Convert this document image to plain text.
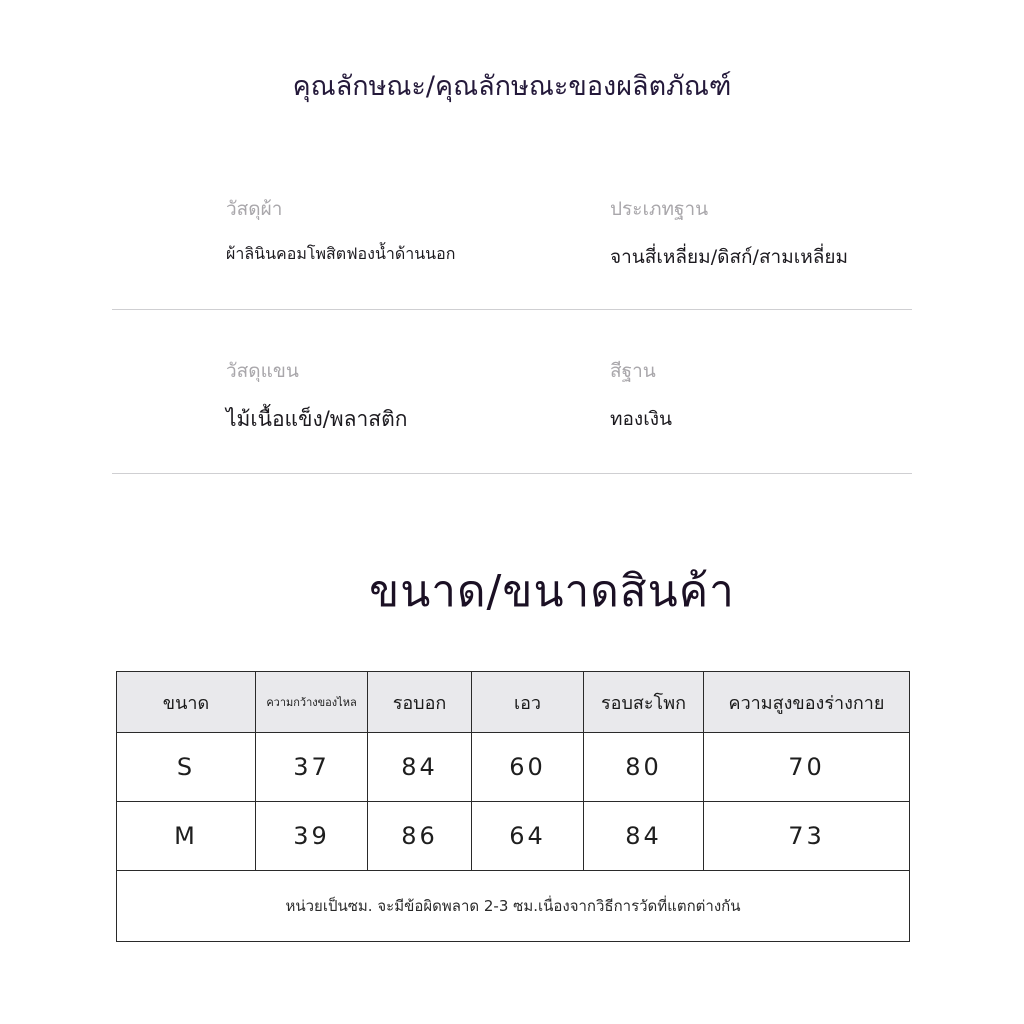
คุณลักษณะ/คุณลักษณะของผลิตภัณฑ์
วัสดุผ้า
ผ้าลินินคอมโพสิตฟองน้ำด้านนอก
ประเภทฐาน
จานสี่เหลี่ยม/ดิสก์/สามเหลี่ยม
วัสดุแขน
ไม้เนื้อแข็ง/พลาสติก
สีฐาน
ทองเงิน
ขนาด/ขนาดสินค้า
ขนาด	ความกว้างของไหล	รอบอก	เอว	รอบสะโพก	ความสูงของร่างกาย
S	37	84	60	80	70
M	39	86	64	84	73
หน่วยเป็นซม. จะมีข้อผิดพลาด 2-3 ซม.เนื่องจากวิธีการวัดที่แตกต่างกัน					
